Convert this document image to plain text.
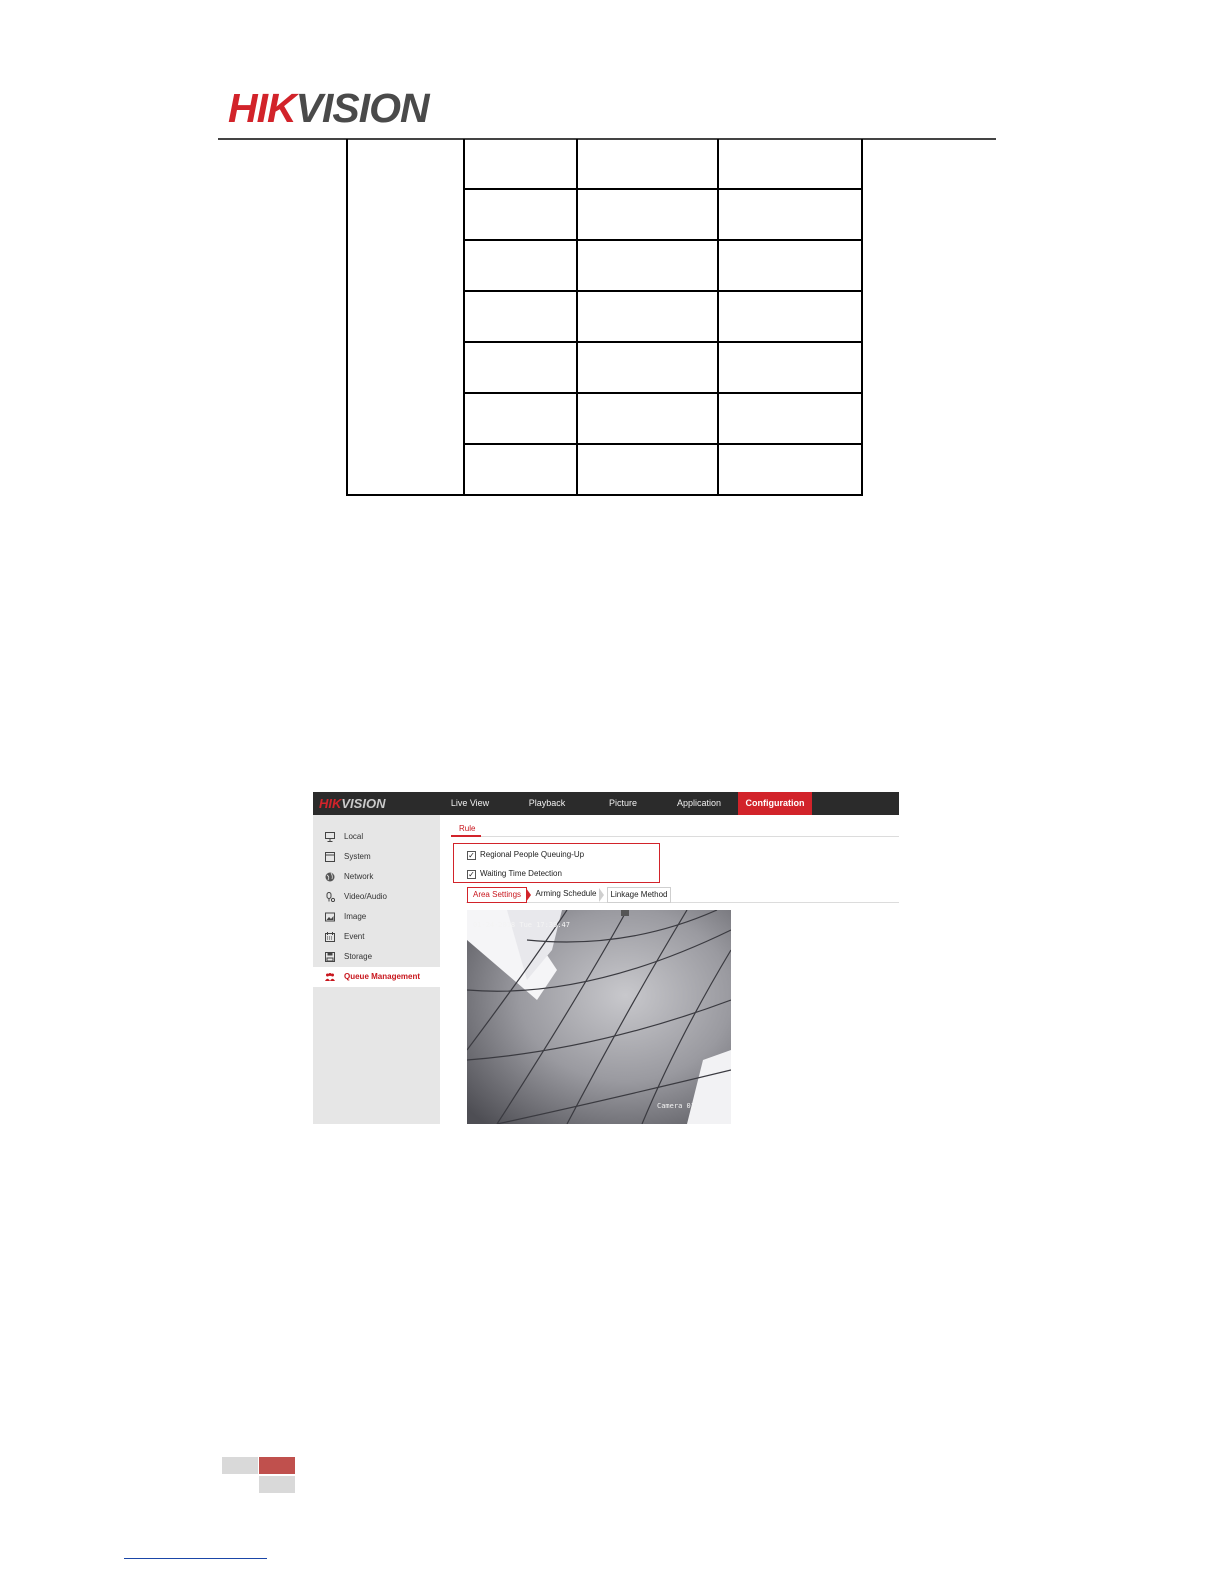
HIKVISION

HIKVISION	Live View	Playback	Picture	Application	Configuration
Local
System
Network
Video/Audio
Image
Event
Storage
Queue Management
Rule
✓ Regional People Queuing-Up
✓ Waiting Time Detection
Area Settings	Arming Schedule	Linkage Method
01-24-2018 Tue 17:39:47
Camera 01
